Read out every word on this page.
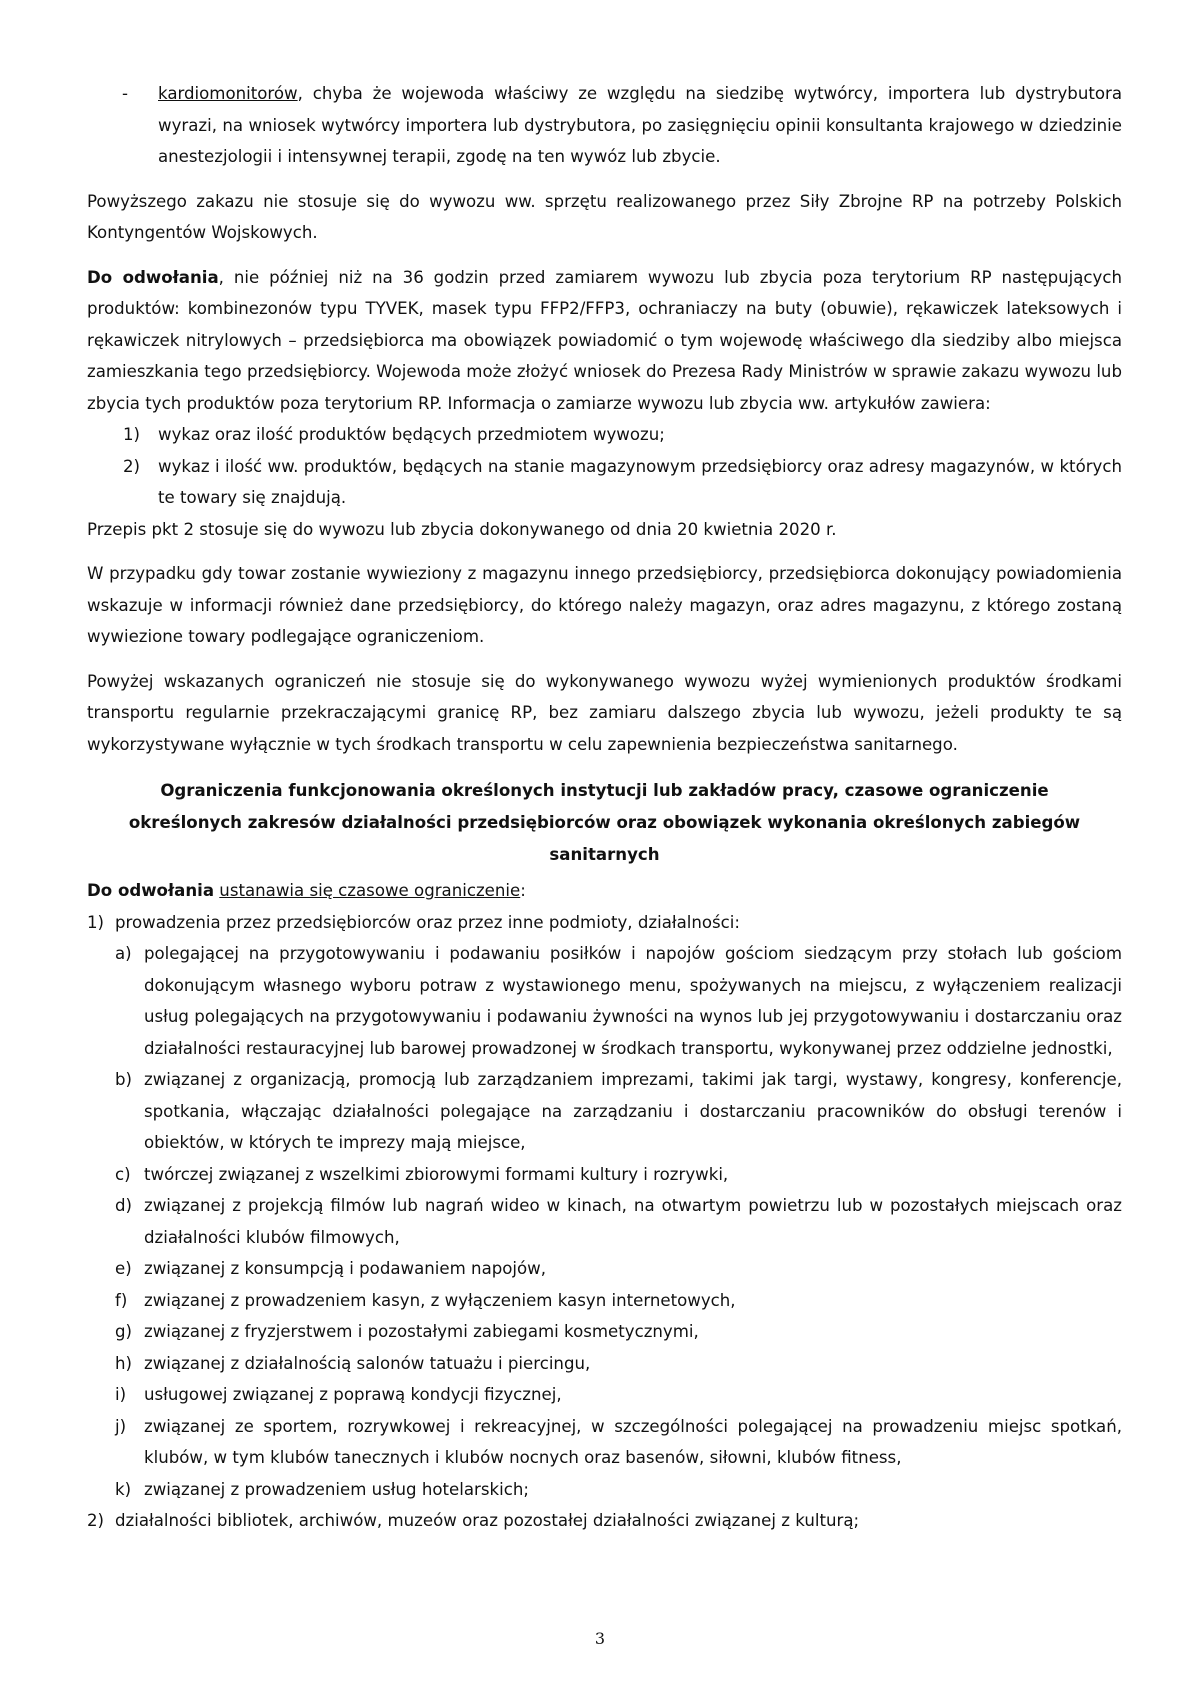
- kardiomonitorów, chyba że wojewoda właściwy ze względu na siedzibę wytwórcy, importera lub dystrybutora wyrazi, na wniosek wytwórcy importera lub dystrybutora, po zasięgnięciu opinii konsultanta krajowego w dziedzinie anestezjologii i intensywnej terapii, zgodę na ten wywóz lub zbycie.

Powyższego zakazu nie stosuje się do wywozu ww. sprzętu realizowanego przez Siły Zbrojne RP na potrzeby Polskich Kontyngentów Wojskowych.

Do odwołania, nie później niż na 36 godzin przed zamiarem wywozu lub zbycia poza terytorium RP następujących produktów: kombinezonów typu TYVEK, masek typu FFP2/FFP3, ochraniaczy na buty (obuwie), rękawiczek lateksowych i rękawiczek nitrylowych – przedsiębiorca ma obowiązek powiadomić o tym wojewodę właściwego dla siedziby albo miejsca zamieszkania tego przedsiębiorcy. Wojewoda może złożyć wniosek do Prezesa Rady Ministrów w sprawie zakazu wywozu lub zbycia tych produktów poza terytorium RP. Informacja o zamiarze wywozu lub zbycia ww. artykułów zawiera:

1) wykaz oraz ilość produktów będących przedmiotem wywozu;

2) wykaz i ilość ww. produktów, będących na stanie magazynowym przedsiębiorcy oraz adresy magazynów, w których te towary się znajdują.

Przepis pkt 2 stosuje się do wywozu lub zbycia dokonywanego od dnia 20 kwietnia 2020 r.

W przypadku gdy towar zostanie wywieziony z magazynu innego przedsiębiorcy, przedsiębiorca dokonujący powiadomienia wskazuje w informacji również dane przedsiębiorcy, do którego należy magazyn, oraz adres magazynu, z którego zostaną wywiezione towary podlegające ograniczeniom.

Powyżej wskazanych ograniczeń nie stosuje się do wykonywanego wywozu wyżej wymienionych produktów środkami transportu regularnie przekraczającymi granicę RP, bez zamiaru dalszego zbycia lub wywozu, jeżeli produkty te są wykorzystywane wyłącznie w tych środkach transportu w celu zapewnienia bezpieczeństwa sanitarnego.

Ograniczenia funkcjonowania określonych instytucji lub zakładów pracy, czasowe ograniczenie określonych zakresów działalności przedsiębiorców oraz obowiązek wykonania określonych zabiegów sanitarnych

Do odwołania ustanawia się czasowe ograniczenie:

1) prowadzenia przez przedsiębiorców oraz przez inne podmioty, działalności:

a) polegającej na przygotowywaniu i podawaniu posiłków i napojów gościom siedzącym przy stołach lub gościom dokonującym własnego wyboru potraw z wystawionego menu, spożywanych na miejscu, z wyłączeniem realizacji usług polegających na przygotowywaniu i podawaniu żywności na wynos lub jej przygotowywaniu i dostarczaniu oraz działalności restauracyjnej lub barowej prowadzonej w środkach transportu, wykonywanej przez oddzielne jednostki,

b) związanej z organizacją, promocją lub zarządzaniem imprezami, takimi jak targi, wystawy, kongresy, konferencje, spotkania, włączając działalności polegające na zarządzaniu i dostarczaniu pracowników do obsługi terenów i obiektów, w których te imprezy mają miejsce,

c) twórczej związanej z wszelkimi zbiorowymi formami kultury i rozrywki,

d) związanej z projekcją filmów lub nagrań wideo w kinach, na otwartym powietrzu lub w pozostałych miejscach oraz działalności klubów filmowych,

e) związanej z konsumpcją i podawaniem napojów,

f) związanej z prowadzeniem kasyn, z wyłączeniem kasyn internetowych,

g) związanej z fryzjerstwem i pozostałymi zabiegami kosmetycznymi,

h) związanej z działalnością salonów tatuażu i piercingu,

i) usługowej związanej z poprawą kondycji fizycznej,

j) związanej ze sportem, rozrywkowej i rekreacyjnej, w szczególności polegającej na prowadzeniu miejsc spotkań, klubów, w tym klubów tanecznych i klubów nocnych oraz basenów, siłowni, klubów fitness,

k) związanej z prowadzeniem usług hotelarskich;

2) działalności bibliotek, archiwów, muzeów oraz pozostałej działalności związanej z kulturą;

3
